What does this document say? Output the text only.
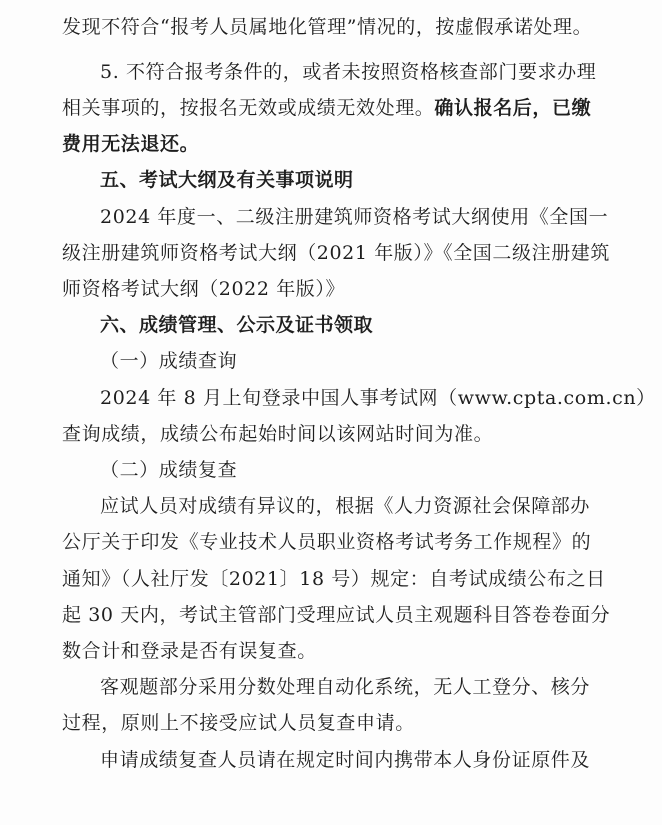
发现不符合“报考人员属地化管理”情况的，按虚假承诺处理。
5. 不符合报考条件的，或者未按照资格核查部门要求办理
相关事项的，按报名无效或成绩无效处理。确认报名后，已缴
费用无法退还。
五、考试大纲及有关事项说明
2024 年度一、二级注册建筑师资格考试大纲使用《全国一
级注册建筑师资格考试大纲（2021 年版）》《全国二级注册建筑
师资格考试大纲（2022 年版）》
六、成绩管理、公示及证书领取
（一）成绩查询
2024 年 8 月上旬登录中国人事考试网（www.cpta.com.cn）
查询成绩，成绩公布起始时间以该网站时间为准。
（二）成绩复查
应试人员对成绩有异议的，根据《人力资源社会保障部办
公厅关于印发《专业技术人员职业资格考试考务工作规程》的
通知》（人社厅发〔2021〕18 号）规定：自考试成绩公布之日
起 30 天内，考试主管部门受理应试人员主观题科目答卷卷面分
数合计和登录是否有误复查。
客观题部分采用分数处理自动化系统，无人工登分、核分
过程，原则上不接受应试人员复查申请。
申请成绩复查人员请在规定时间内携带本人身份证原件及
